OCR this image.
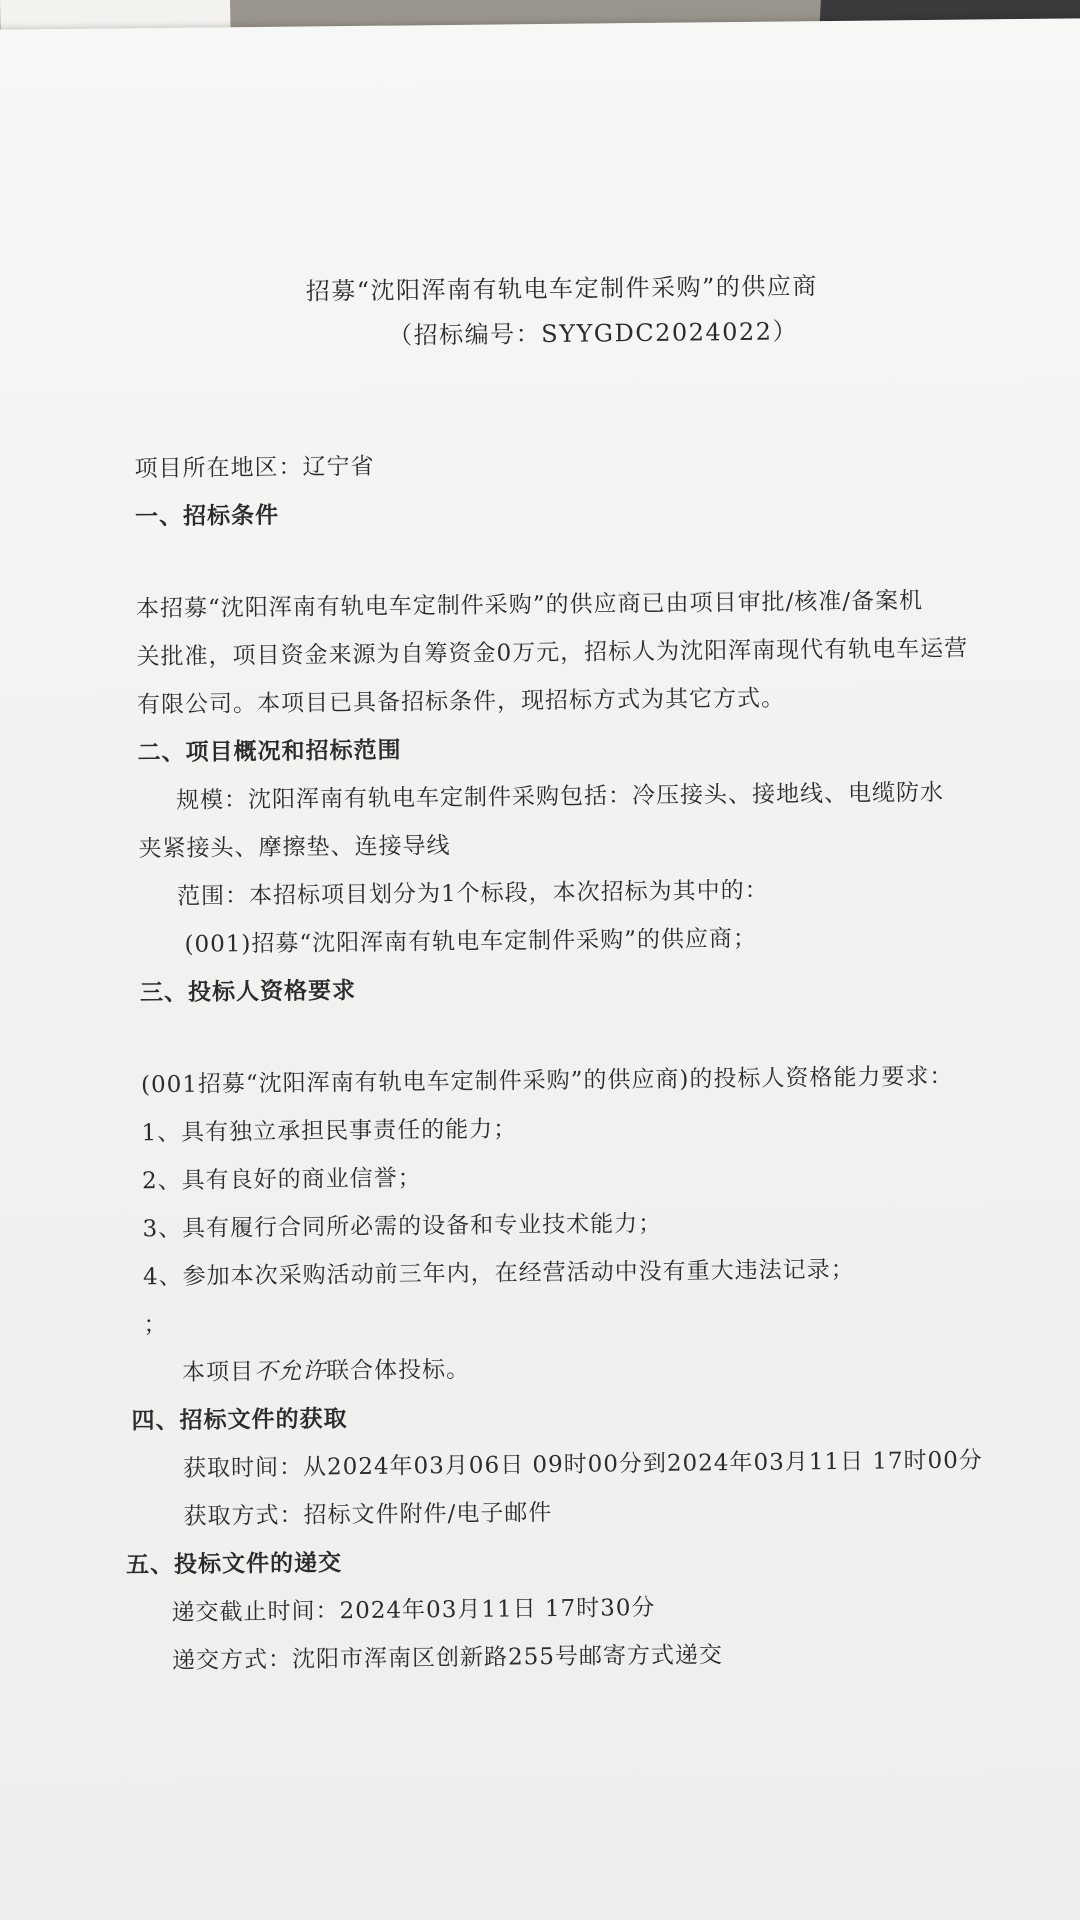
招募“沈阳浑南有轨电车定制件采购”的供应商
（招标编号：SYYGDC2024022）
项目所在地区：辽宁省
一、招标条件
本招募“沈阳浑南有轨电车定制件采购”的供应商已由项目审批/核准/备案机
关批准，项目资金来源为自筹资金0万元，招标人为沈阳浑南现代有轨电车运营
有限公司。本项目已具备招标条件，现招标方式为其它方式。
二、项目概况和招标范围
规模：沈阳浑南有轨电车定制件采购包括：冷压接头、接地线、电缆防水
夹紧接头、摩擦垫、连接导线
范围：本招标项目划分为1个标段，本次招标为其中的：
(001)招募“沈阳浑南有轨电车定制件采购”的供应商；
三、投标人资格要求
(001招募“沈阳浑南有轨电车定制件采购”的供应商)的投标人资格能力要求：
1、具有独立承担民事责任的能力；
2、具有良好的商业信誉；
3、具有履行合同所必需的设备和专业技术能力；
4、参加本次采购活动前三年内，在经营活动中没有重大违法记录；
；
本项目不允许联合体投标。
四、招标文件的获取
获取时间：从2024年03月06日 09时00分到2024年03月11日 17时00分
获取方式：招标文件附件/电子邮件
五、投标文件的递交
递交截止时间：2024年03月11日 17时30分
递交方式：沈阳市浑南区创新路255号邮寄方式递交
